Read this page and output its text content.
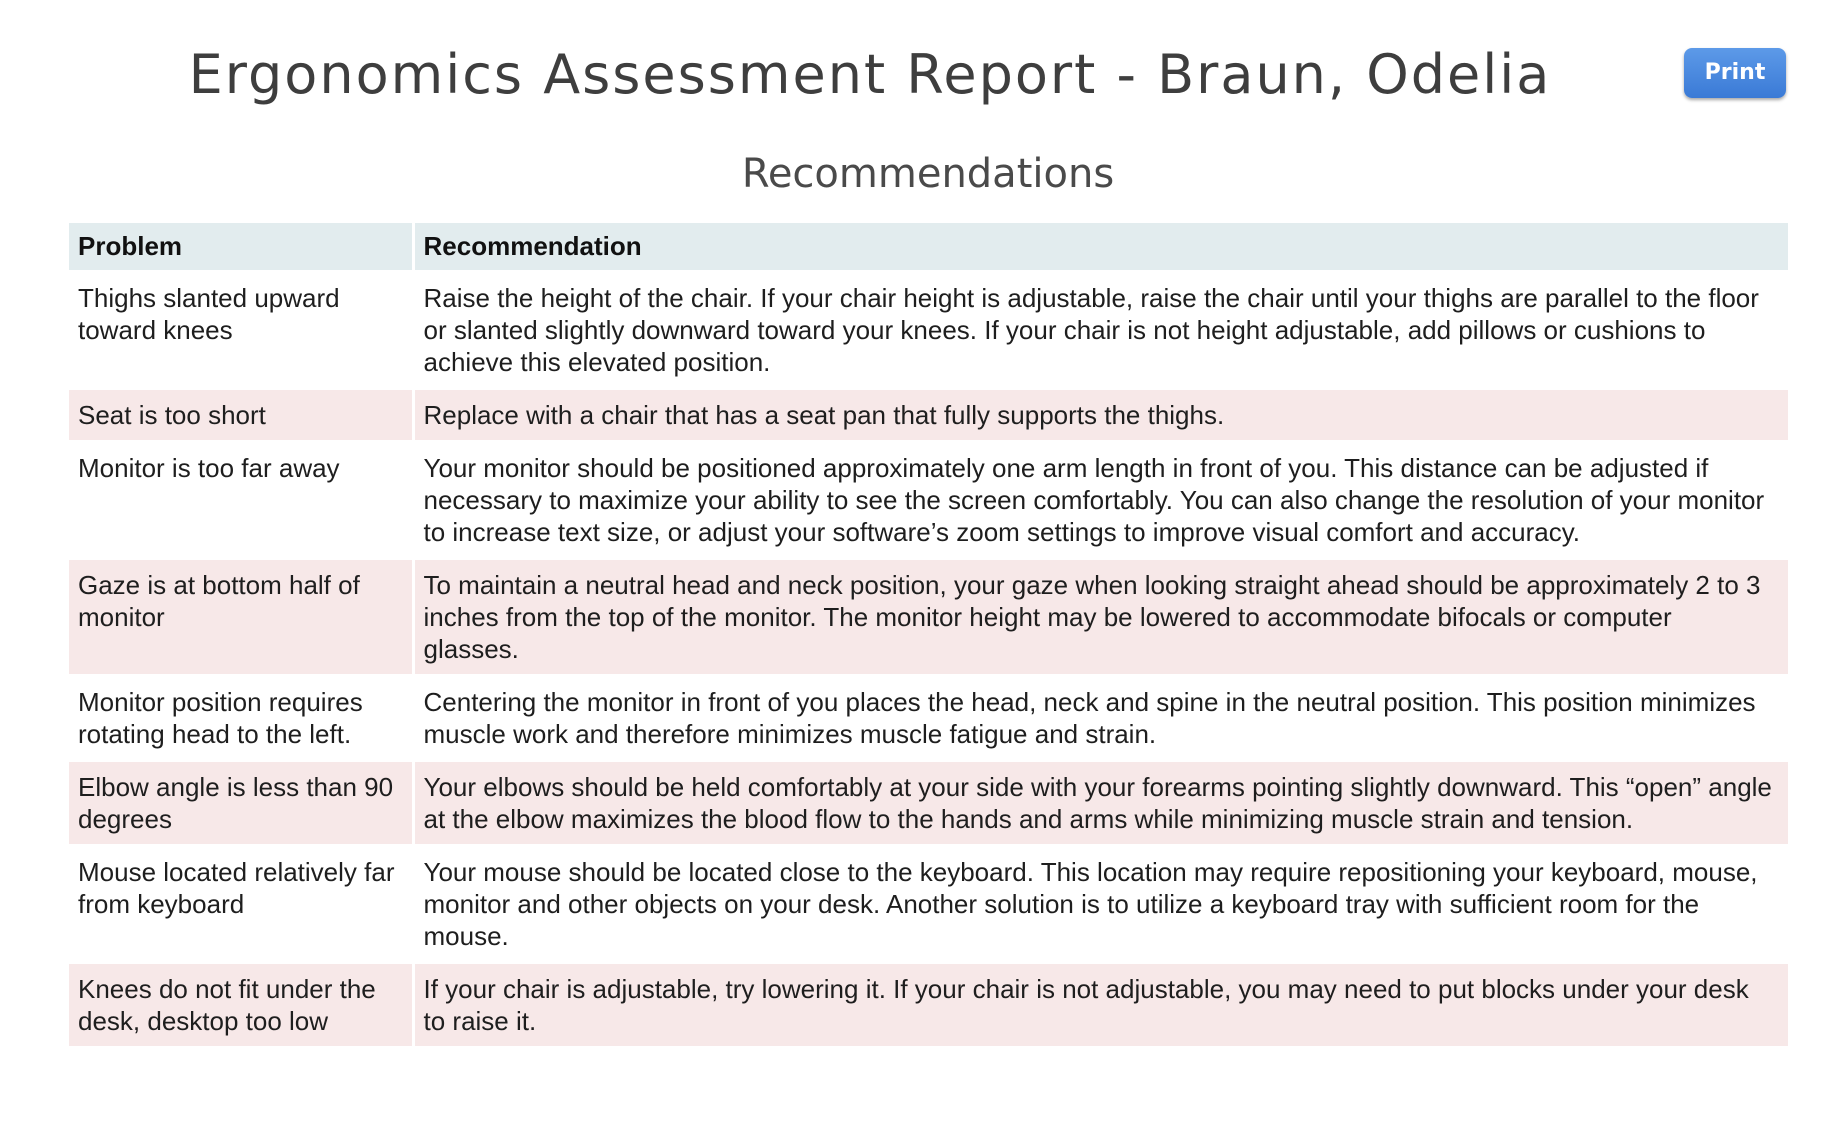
Ergonomics Assessment Report - Braun, Odelia	Print
Recommendations
Problem	Recommendation
Thighs slanted upward toward knees	Raise the height of the chair. If your chair height is adjustable, raise the chair until your thighs are parallel to the floor or slanted slightly downward toward your knees. If your chair is not height adjustable, add pillows or cushions to achieve this elevated position.
Seat is too short	Replace with a chair that has a seat pan that fully supports the thighs.
Monitor is too far away	Your monitor should be positioned approximately one arm length in front of you. This distance can be adjusted if necessary to maximize your ability to see the screen comfortably. You can also change the resolution of your monitor to increase text size, or adjust your software’s zoom settings to improve visual comfort and accuracy.
Gaze is at bottom half of monitor	To maintain a neutral head and neck position, your gaze when looking straight ahead should be approximately 2 to 3 inches from the top of the monitor. The monitor height may be lowered to accommodate bifocals or computer glasses.
Monitor position requires rotating head to the left.	Centering the monitor in front of you places the head, neck and spine in the neutral position. This position minimizes muscle work and therefore minimizes muscle fatigue and strain.
Elbow angle is less than 90 degrees	Your elbows should be held comfortably at your side with your forearms pointing slightly downward. This “open” angle at the elbow maximizes the blood flow to the hands and arms while minimizing muscle strain and tension.
Mouse located relatively far from keyboard	Your mouse should be located close to the keyboard. This location may require repositioning your keyboard, mouse, monitor and other objects on your desk. Another solution is to utilize a keyboard tray with sufficient room for the mouse.
Knees do not fit under the desk, desktop too low	If your chair is adjustable, try lowering it. If your chair is not adjustable, you may need to put blocks under your desk to raise it.
